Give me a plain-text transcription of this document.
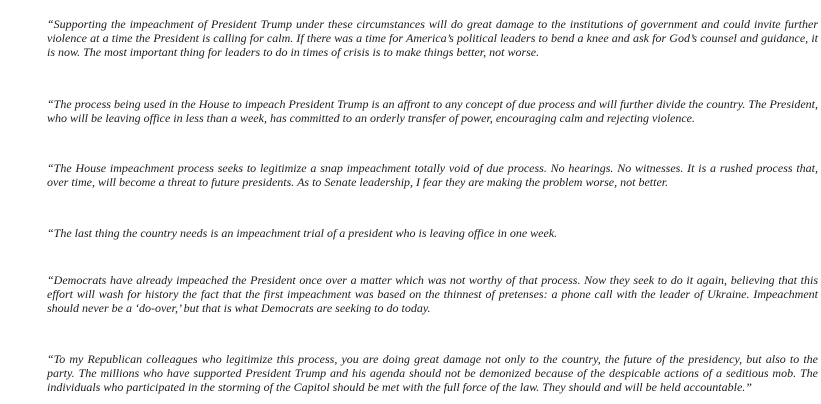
“Supporting the impeachment of President Trump under these circumstances will do great damage to the institutions of government and could invite further violence at a time the President is calling for calm. If there was a time for America’s political leaders to bend a knee and ask for God’s counsel and guidance, it is now. The most important thing for leaders to do in times of crisis is to make things better, not worse.

“The process being used in the House to impeach President Trump is an affront to any concept of due process and will further divide the country. The President, who will be leaving office in less than a week, has committed to an orderly transfer of power, encouraging calm and rejecting violence.

“The House impeachment process seeks to legitimize a snap impeachment totally void of due process. No hearings. No witnesses. It is a rushed process that, over time, will become a threat to future presidents. As to Senate leadership, I fear they are making the problem worse, not better.

“The last thing the country needs is an impeachment trial of a president who is leaving office in one week.

“Democrats have already impeached the President once over a matter which was not worthy of that process. Now they seek to do it again, believing that this effort will wash for history the fact that the first impeachment was based on the thinnest of pretenses: a phone call with the leader of Ukraine. Impeachment should never be a ‘do-over,’ but that is what Democrats are seeking to do today.

“To my Republican colleagues who legitimize this process, you are doing great damage not only to the country, the future of the presidency, but also to the party. The millions who have supported President Trump and his agenda should not be demonized because of the despicable actions of a seditious mob. The individuals who participated in the storming of the Capitol should be met with the full force of the law. They should and will be held accountable.”
